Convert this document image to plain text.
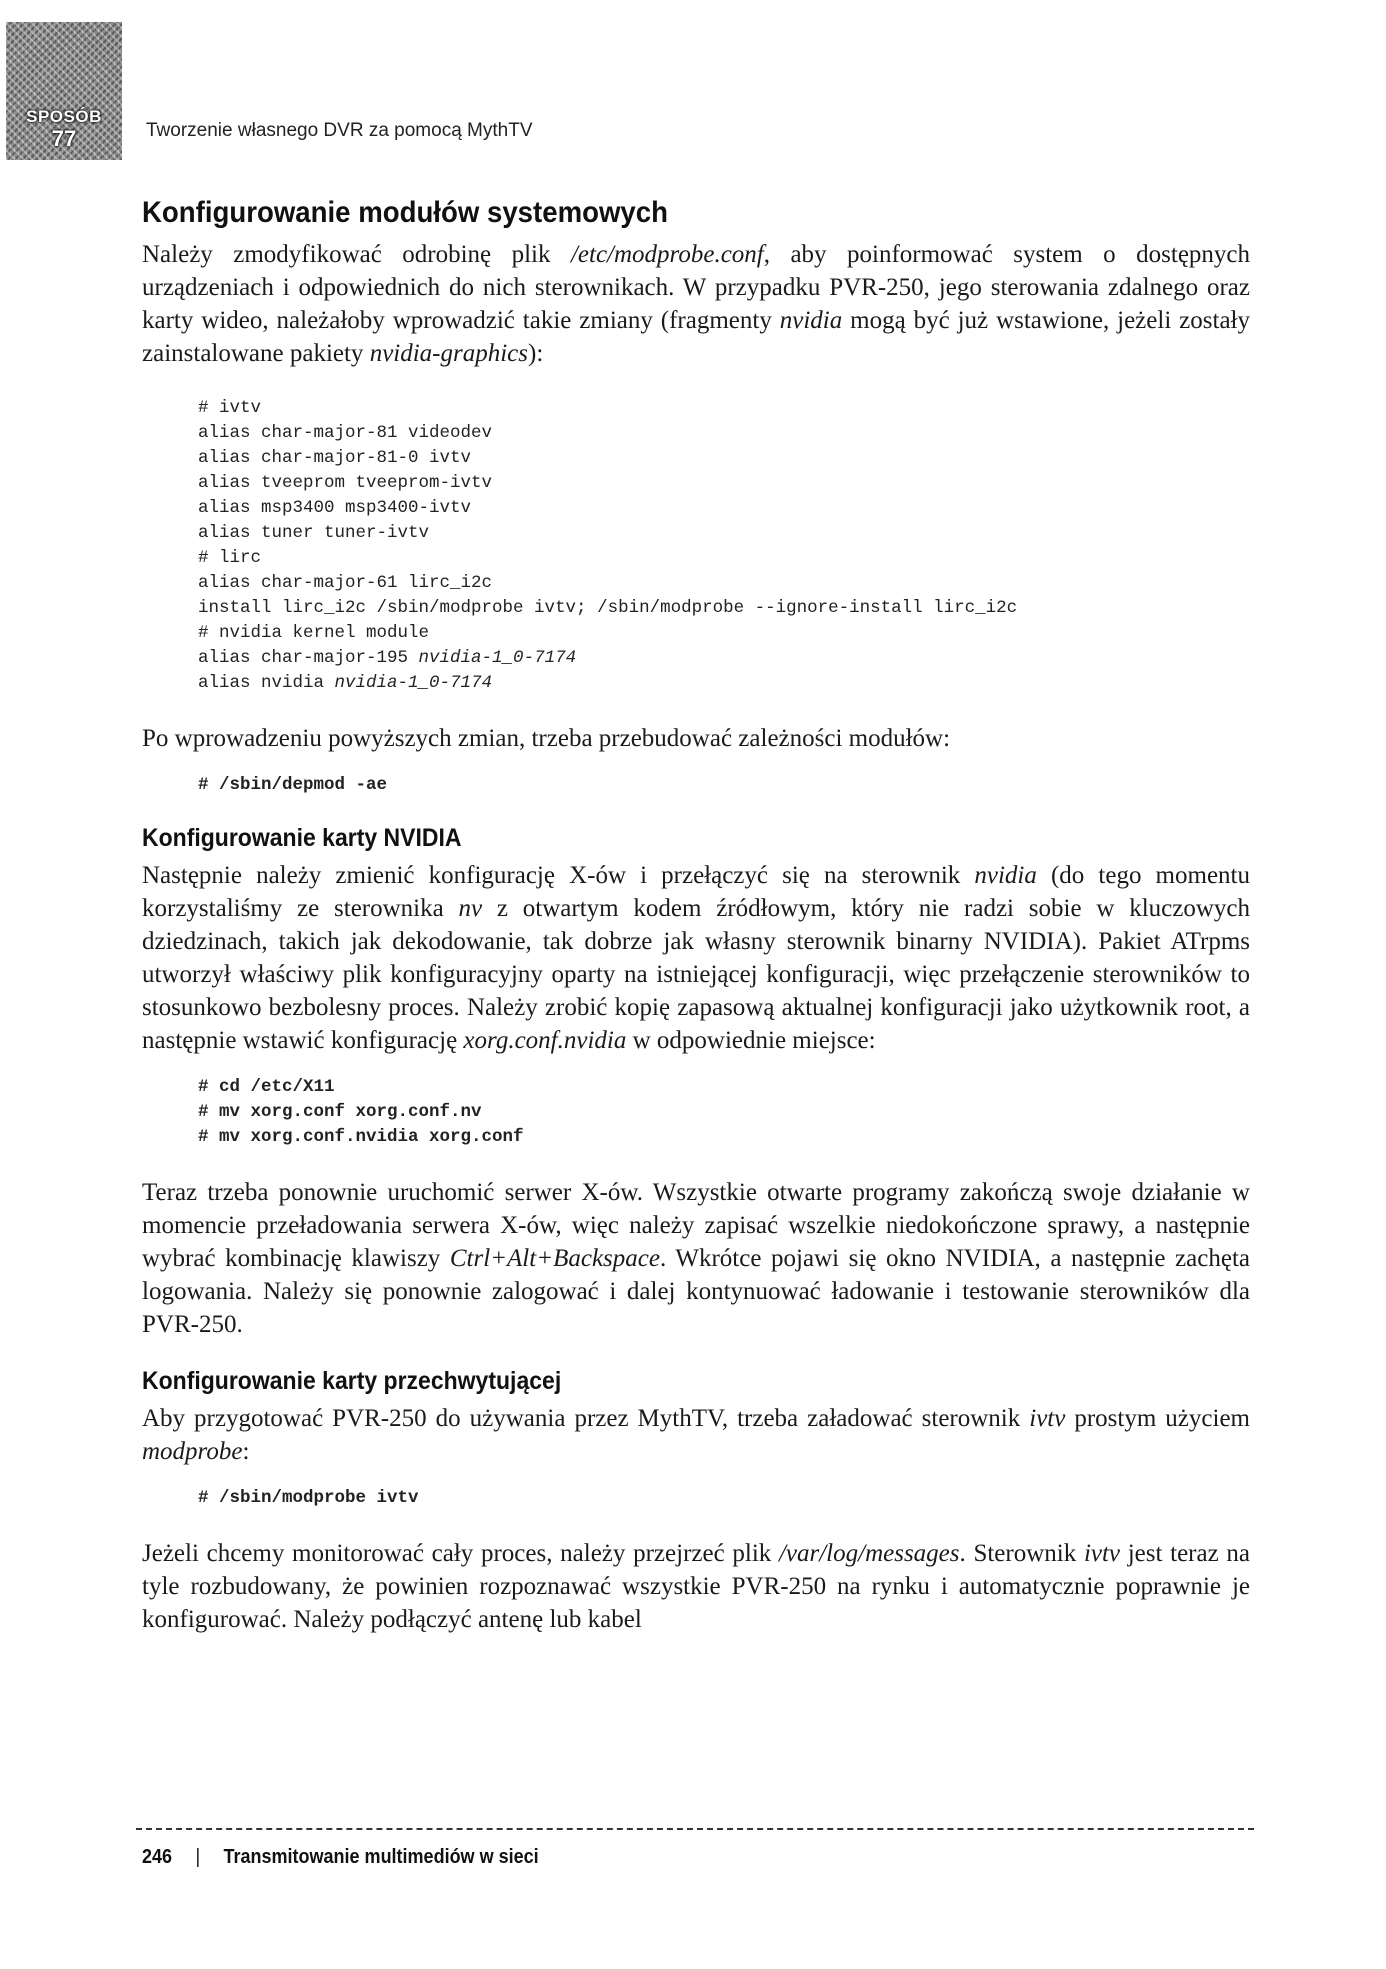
SPOSÓB
77	Tworzenie własnego DVR za pomocą MythTV
Konfigurowanie modułów systemowych

Należy zmodyfikować odrobinę plik /etc/modprobe.conf, aby poinformować system o dostępnych urządzeniach i odpowiednich do nich sterownikach. W przypadku PVR-250, jego sterowania zdalnego oraz karty wideo, należałoby wprowadzić takie zmiany (fragmenty nvidia mogą być już wstawione, jeżeli zostały zainstalowane pakiety nvidia-graphics):

# ivtv
alias char-major-81 videodev
alias char-major-81-0 ivtv
alias tveeprom tveeprom-ivtv
alias msp3400 msp3400-ivtv
alias tuner tuner-ivtv
# lirc
alias char-major-61 lirc_i2c
install lirc_i2c /sbin/modprobe ivtv; /sbin/modprobe --ignore-install lirc_i2c
# nvidia kernel module
alias char-major-195 nvidia-1_0-7174
alias nvidia nvidia-1_0-7174

Po wprowadzeniu powyższych zmian, trzeba przebudować zależności modułów:

# /sbin/depmod -ae
Konfigurowanie karty NVIDIA

Następnie należy zmienić konfigurację X-ów i przełączyć się na sterownik nvidia (do tego momentu korzystaliśmy ze sterownika nv z otwartym kodem źródłowym, który nie radzi sobie w kluczowych dziedzinach, takich jak dekodowanie, tak dobrze jak własny sterownik binarny NVIDIA). Pakiet ATrpms utworzył właściwy plik konfiguracyjny oparty na istniejącej konfiguracji, więc przełączenie sterowników to stosunkowo bezbolesny proces. Należy zrobić kopię zapasową aktualnej konfiguracji jako użytkownik root, a następnie wstawić konfigurację xorg.conf.nvidia w odpowiednie miejsce:

# cd /etc/X11
# mv xorg.conf xorg.conf.nv
# mv xorg.conf.nvidia xorg.conf

Teraz trzeba ponownie uruchomić serwer X-ów. Wszystkie otwarte programy zakończą swoje działanie w momencie przeładowania serwera X-ów, więc należy zapisać wszelkie niedokończone sprawy, a następnie wybrać kombinację klawiszy Ctrl+Alt+Backspace. Wkrótce pojawi się okno NVIDIA, a następnie zachęta logowania. Należy się ponownie zalogować i dalej kontynuować ładowanie i testowanie sterowników dla PVR-250.

Konfigurowanie karty przechwytującej

Aby przygotować PVR-250 do używania przez MythTV, trzeba załadować sterownik ivtv prostym użyciem modprobe:

# /sbin/modprobe ivtv

Jeżeli chcemy monitorować cały proces, należy przejrzeć plik /var/log/messages. Sterownik ivtv jest teraz na tyle rozbudowany, że powinien rozpoznawać wszystkie PVR-250 na rynku i automatycznie poprawnie je konfigurować. Należy podłączyć antenę lub kabel

246 | Transmitowanie multimediów w sieci
